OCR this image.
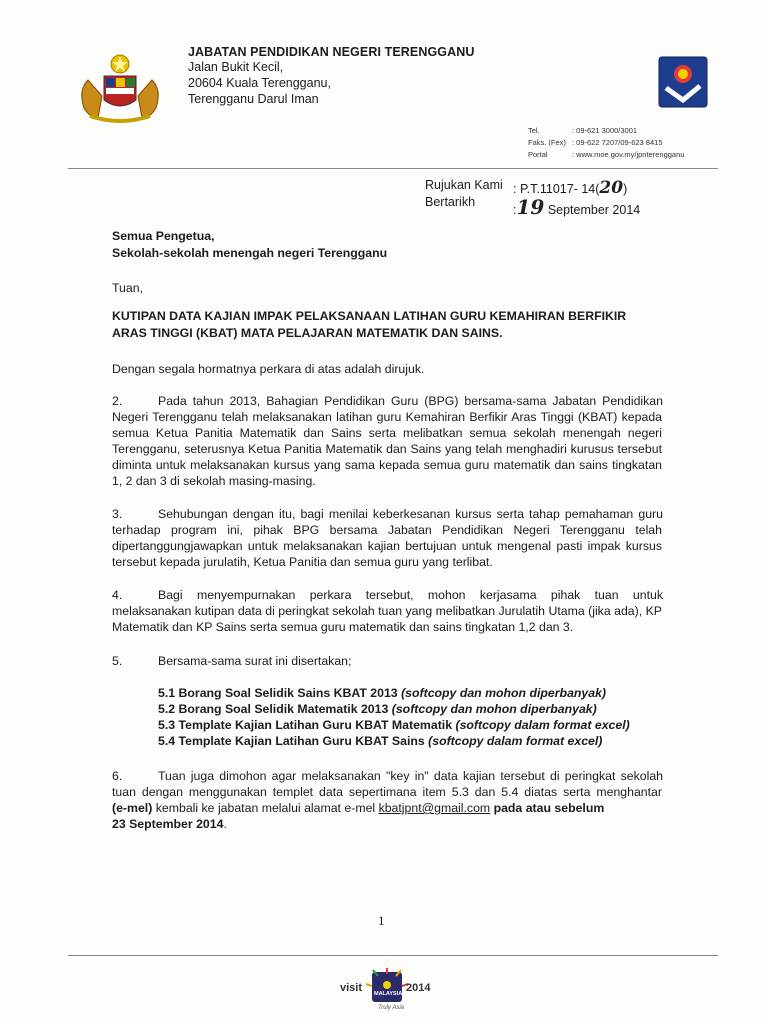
JABATAN PENDIDIKAN NEGERI TERENGGANU
Jalan Bukit Kecil,
20604 Kuala Terengganu,
Terengganu Darul Iman
Tel.	: 09-621 3000/3001
Faks. (Fex) : 09-622 7207/09-623 8415
Portal	: www.moe.gov.my/jpnterengganu
Rujukan Kami : P.T.11017- 14(20)
Bertarikh
:19 September 2014
Semua Pengetua,
Sekolah-sekolah menengah negeri Terengganu
Tuan,
KUTIPAN DATA KAJIAN IMPAK PELAKSANAAN LATIHAN GURU KEMAHIRAN BERFIKIR
ARAS TINGGI (KBAT) MATA PELAJARAN MATEMATIK DAN SAINS.
Dengan segala hormatnya perkara di atas adalah dirujuk.
2.	Pada tahun 2013, Bahagian Pendidikan Guru (BPG) bersama-sama Jabatan Pendidikan
Negeri Terengganu telah melaksanakan latihan guru Kemahiran Berfikir Aras Tinggi (KBAT) kepada
semua Ketua Panitia Matematik dan Sains serta melibatkan semua sekolah menengah negeri
Terengganu, seterusnya Ketua Panitia Matematik dan Sains yang telah menghadiri kurusus tersebut
diminta untuk melaksanakan kursus yang sama kepada semua guru matematik dan sains tingkatan
1, 2 dan 3 di sekolah masing-masing.
3.	Sehubungan dengan itu, bagi menilai keberkesanan kursus serta tahap pemahaman guru
terhadap program ini, pihak BPG bersama Jabatan Pendidikan Negeri Terengganu telah
dipertanggungjawapkan untuk melaksanakan kajian bertujuan untuk mengenal pasti impak kursus
tersebut kepada jurulatih, Ketua Panitia dan semua guru yang terlibat.
4.	Bagi menyempurnakan perkara tersebut, mohon kerjasama pihak tuan untuk
melaksanakan kutipan data di peringkat sekolah tuan yang melibatkan Jurulatih Utama (jika ada), KP
Matematik dan KP Sains serta semua guru matematik dan sains tingkatan 1,2 dan 3.
5.	Bersama-sama surat ini disertakan;
5.1 Borang Soal Selidik Sains KBAT 2013 (softcopy dan mohon diperbanyak)
5.2 Borang Soal Selidik Matematik 2013 (softcopy dan mohon diperbanyak)
5.3 Template Kajian Latihan Guru KBAT Matematik (softcopy dalam format excel)
5.4 Template Kajian Latihan Guru KBAT Sains (softcopy dalam format excel)
6.	Tuan juga dimohon agar melaksanakan "key in" data kajian tersebut di peringkat sekolah
tuan dengan menggunakan templet data sepertimana item 5.3 dan 5.4 diatas serta menghantar
(e-mel) kembali ke jabatan melalui alamat e-mel kbatjpnt@gmail.com pada atau sebelum
23 September 2014.
1
visit MALAYSIA 2014
Truly Asia
